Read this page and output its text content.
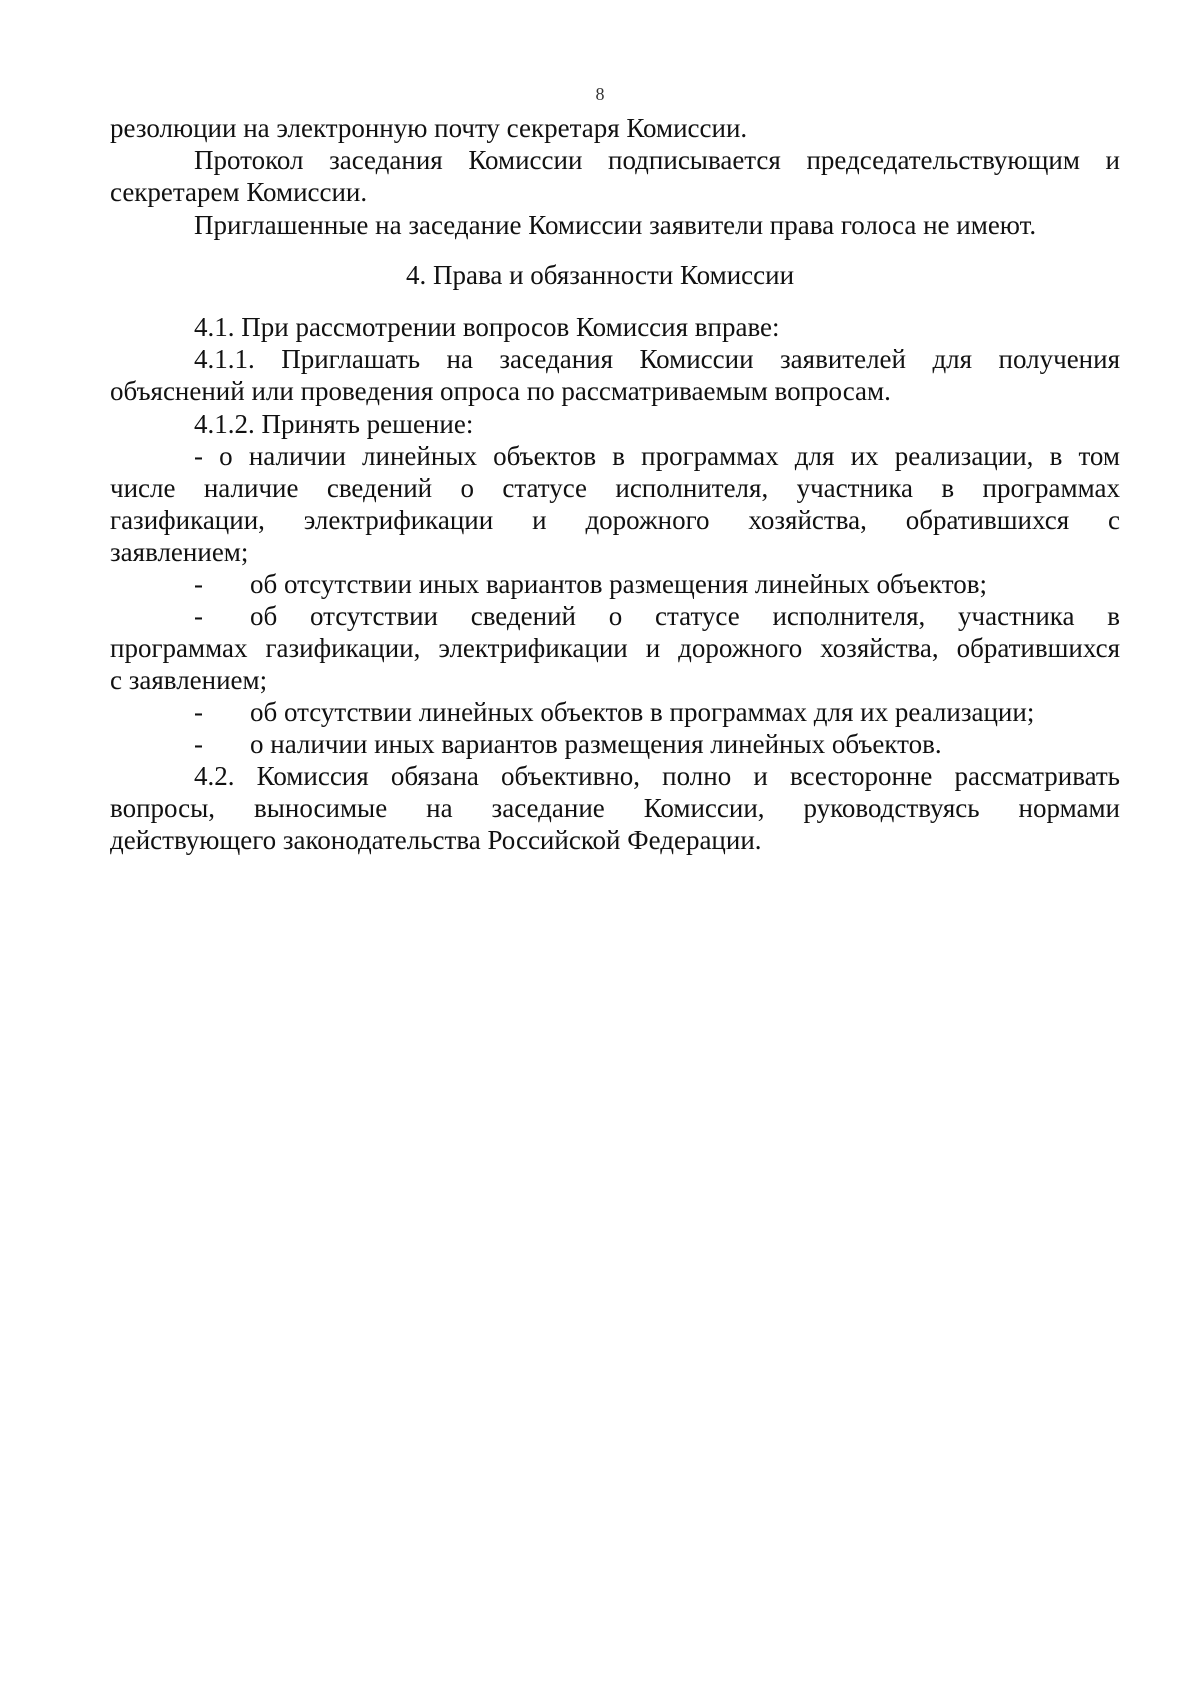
8
резолюции на электронную почту секретаря Комиссии.
Протокол заседания Комиссии подписывается председательствующим и
секретарем Комиссии.
Приглашенные на заседание Комиссии заявители права голоса не имеют.
4. Права и обязанности Комиссии
4.1. При рассмотрении вопросов Комиссия вправе:
4.1.1. Приглашать на заседания Комиссии заявителей для получения
объяснений или проведения опроса по рассматриваемым вопросам.
4.1.2. Принять решение:
- о наличии линейных объектов в программах для их реализации, в том
числе наличие сведений о статусе исполнителя, участника в программах
газификации, электрификации и дорожного хозяйства, обратившихся с
заявлением;
-	об отсутствии иных вариантов размещения линейных объектов;
-	об отсутствии сведений о статусе исполнителя, участника в
программах газификации, электрификации и дорожного хозяйства, обратившихся
с заявлением;
-	об отсутствии линейных объектов в программах для их реализации;
-	о наличии иных вариантов размещения линейных объектов.
4.2. Комиссия обязана объективно, полно и всесторонне рассматривать
вопросы, выносимые на заседание Комиссии, руководствуясь нормами
действующего законодательства Российской Федерации.
